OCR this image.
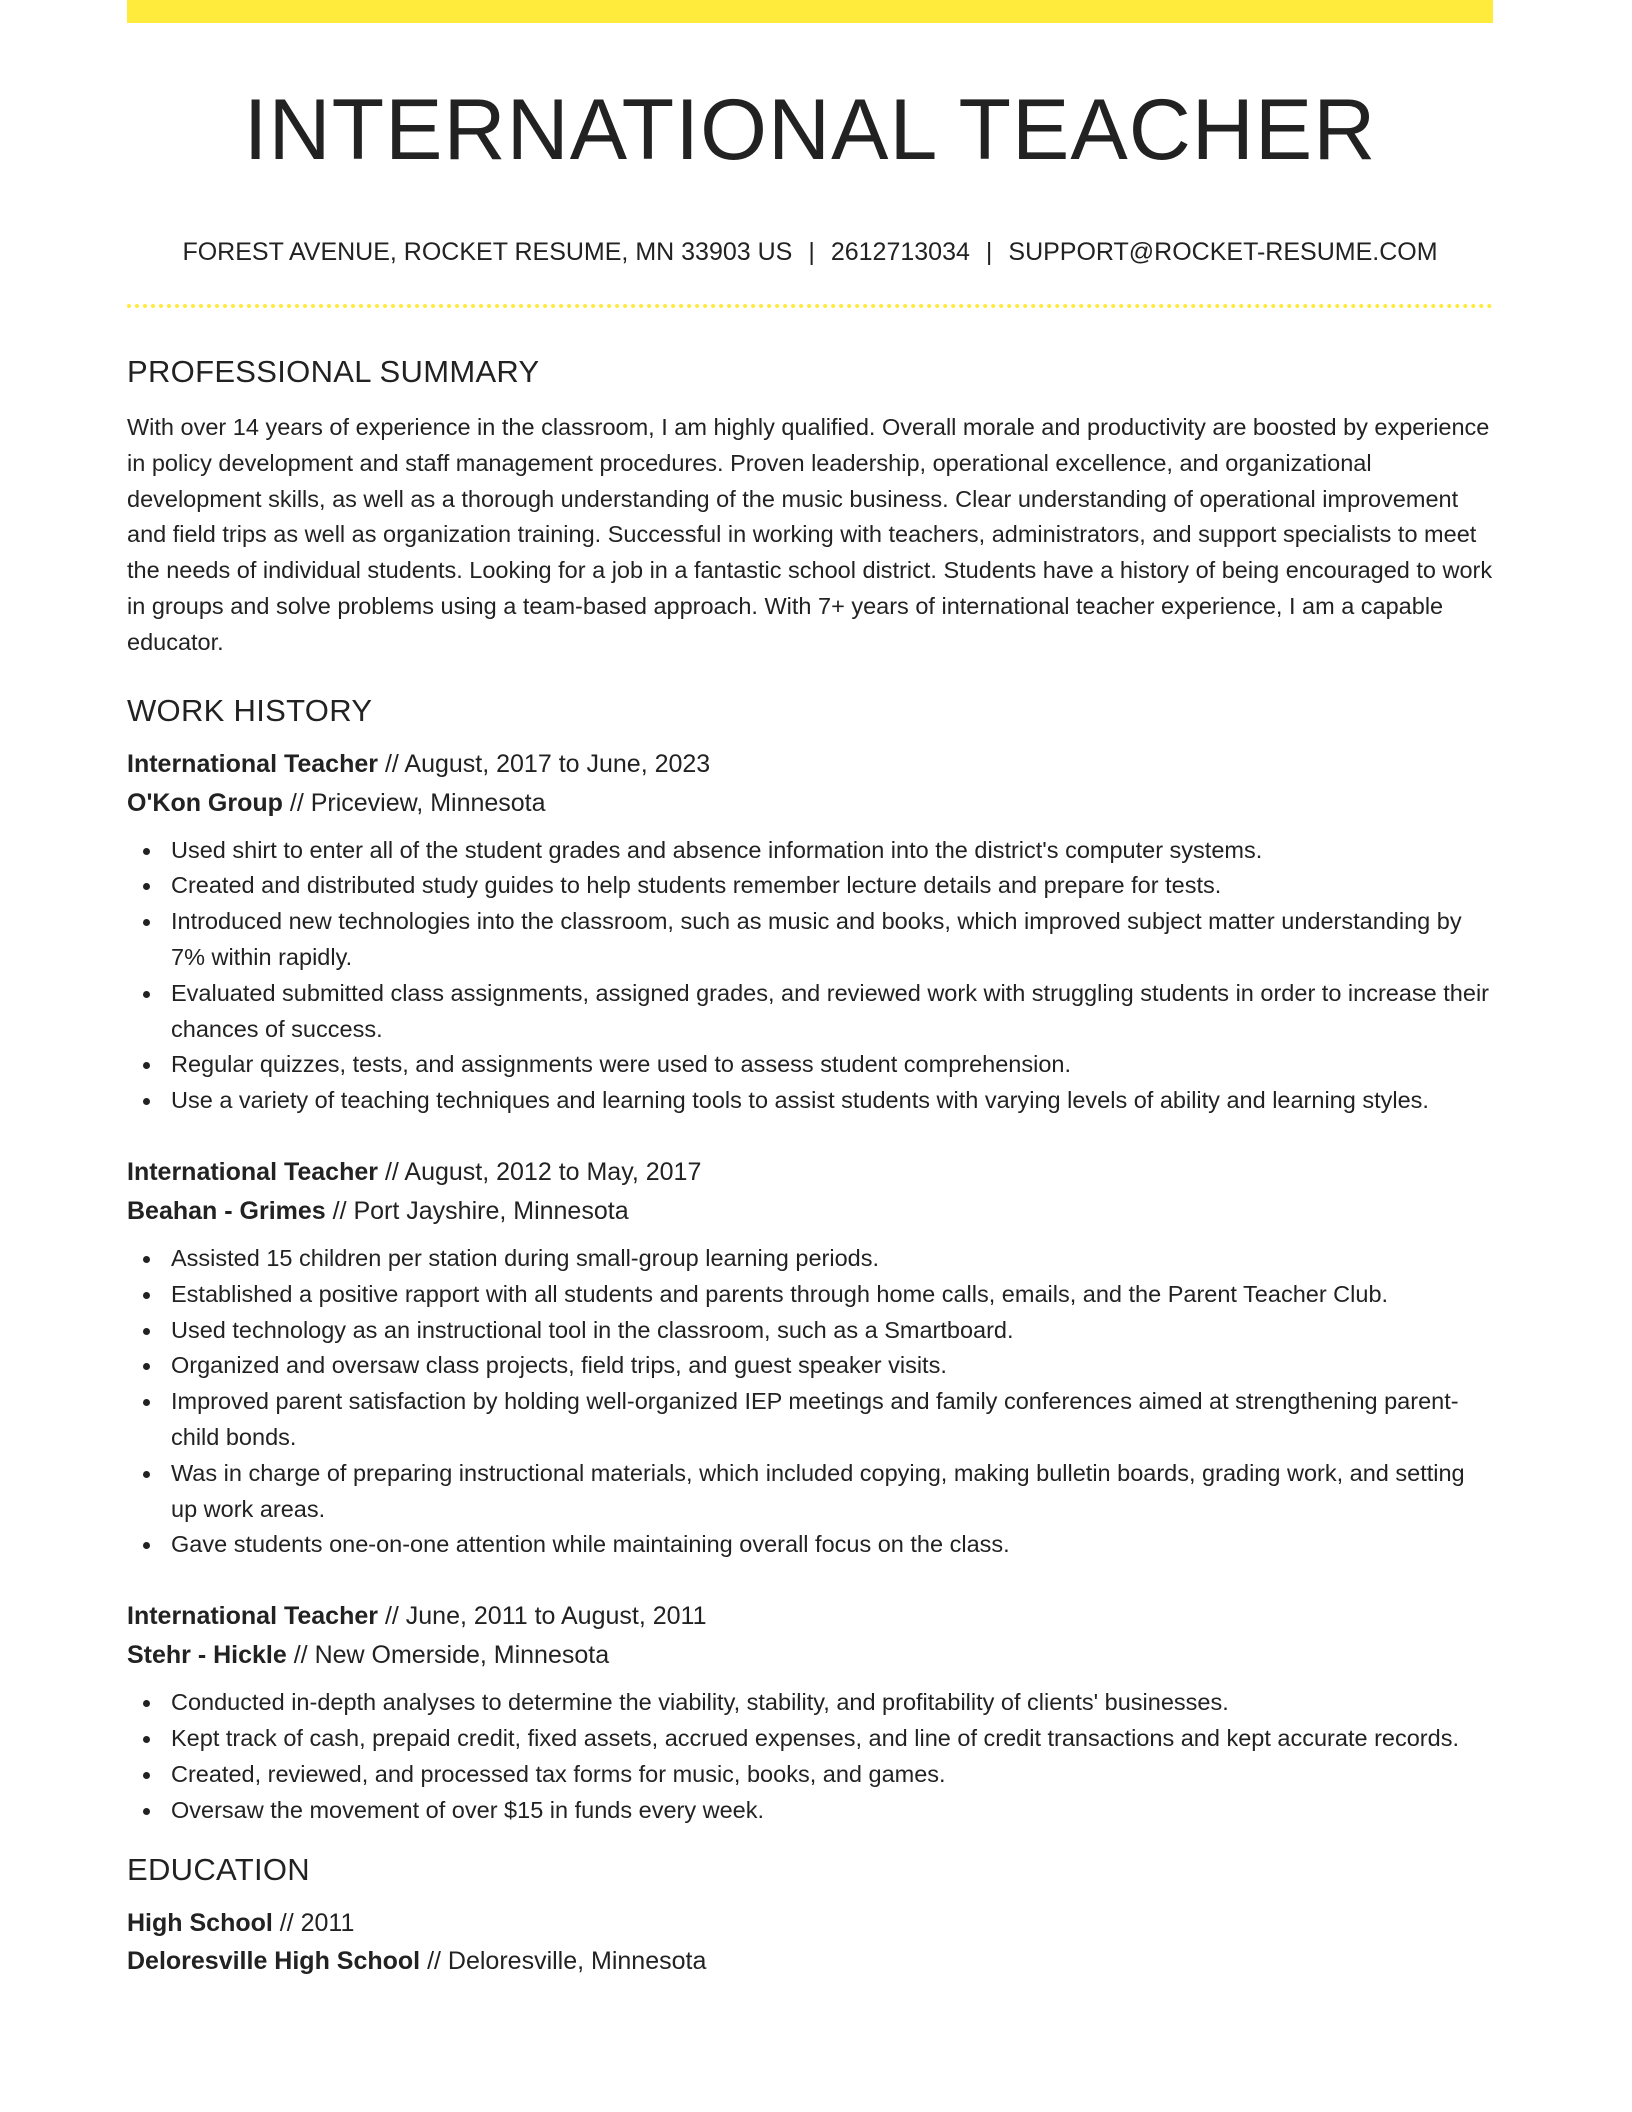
INTERNATIONAL TEACHER
FOREST AVENUE, ROCKET RESUME, MN 33903 US | 2612713034 | SUPPORT@ROCKET-RESUME.COM
PROFESSIONAL SUMMARY

With over 14 years of experience in the classroom, I am highly qualified. Overall morale and productivity are boosted by experience in policy development and staff management procedures. Proven leadership, operational excellence, and organizational development skills, as well as a thorough understanding of the music business. Clear understanding of operational improvement and field trips as well as organization training. Successful in working with teachers, administrators, and support specialists to meet the needs of individual students. Looking for a job in a fantastic school district. Students have a history of being encouraged to work in groups and solve problems using a team-based approach. With 7+ years of international teacher experience, I am a capable educator.

WORK HISTORY
International Teacher // August, 2017 to June, 2023
O'Kon Group // Priceview, Minnesota
Used shirt to enter all of the student grades and absence information into the district's computer systems.
Created and distributed study guides to help students remember lecture details and prepare for tests.
Introduced new technologies into the classroom, such as music and books, which improved subject matter understanding by 7% within rapidly.
Evaluated submitted class assignments, assigned grades, and reviewed work with struggling students in order to increase their chances of success.
Regular quizzes, tests, and assignments were used to assess student comprehension.
Use a variety of teaching techniques and learning tools to assist students with varying levels of ability and learning styles.
International Teacher // August, 2012 to May, 2017
Beahan - Grimes // Port Jayshire, Minnesota
Assisted 15 children per station during small-group learning periods.
Established a positive rapport with all students and parents through home calls, emails, and the Parent Teacher Club.
Used technology as an instructional tool in the classroom, such as a Smartboard.
Organized and oversaw class projects, field trips, and guest speaker visits.
Improved parent satisfaction by holding well-organized IEP meetings and family conferences aimed at strengthening parent-child bonds.
Was in charge of preparing instructional materials, which included copying, making bulletin boards, grading work, and setting up work areas.
Gave students one-on-one attention while maintaining overall focus on the class.
International Teacher // June, 2011 to August, 2011
Stehr - Hickle // New Omerside, Minnesota
Conducted in-depth analyses to determine the viability, stability, and profitability of clients' businesses.
Kept track of cash, prepaid credit, fixed assets, accrued expenses, and line of credit transactions and kept accurate records.
Created, reviewed, and processed tax forms for music, books, and games.
Oversaw the movement of over $15 in funds every week.
EDUCATION
High School // 2011
Deloresville High School // Deloresville, Minnesota
